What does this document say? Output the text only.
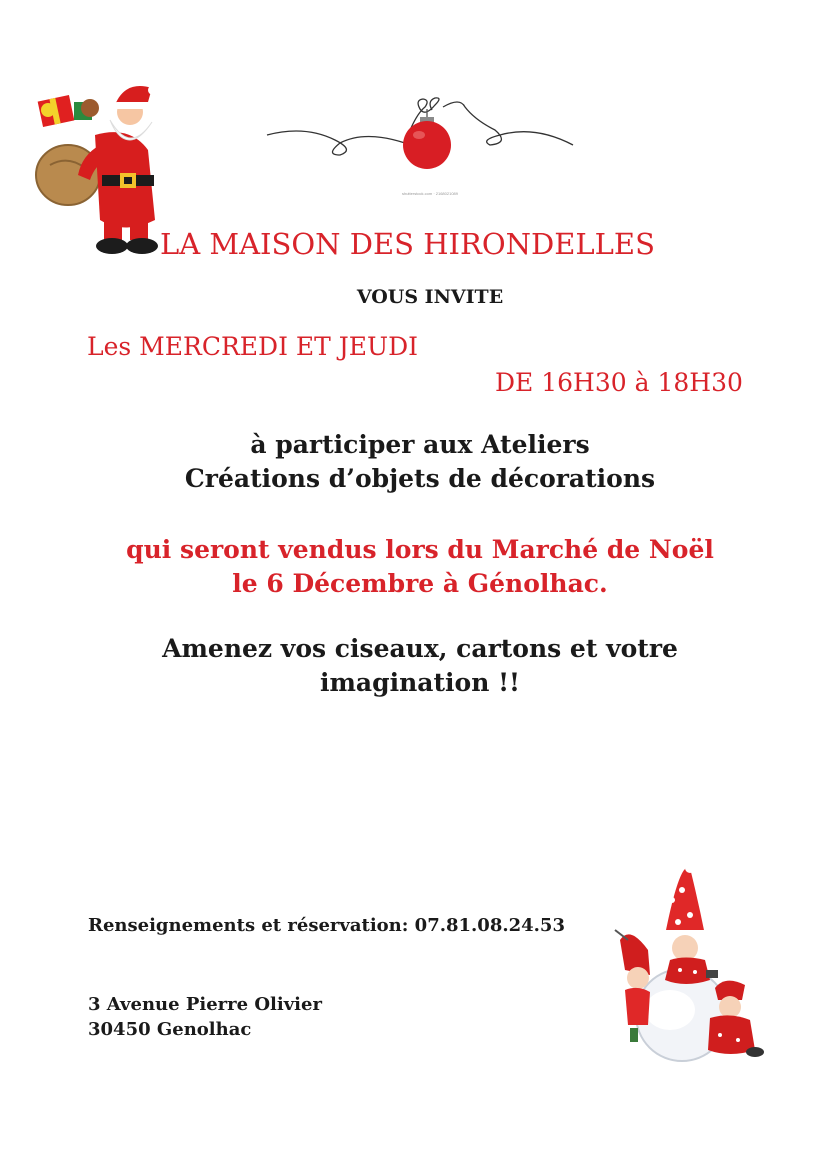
shutterstock.com · 2168021089
LA MAISON DES HIRONDELLES
VOUS INVITE
Les MERCREDI ET JEUDI
DE 16H30 à 18H30
à participer aux Ateliers
Créations d’objets de décorations
qui seront vendus lors du Marché de Noël
le 6 Décembre à Génolhac.
Amenez vos ciseaux, cartons et votre
imagination !!
Renseignements et réservation: 07.81.08.24.53
3 Avenue Pierre Olivier
30450 Genolhac
